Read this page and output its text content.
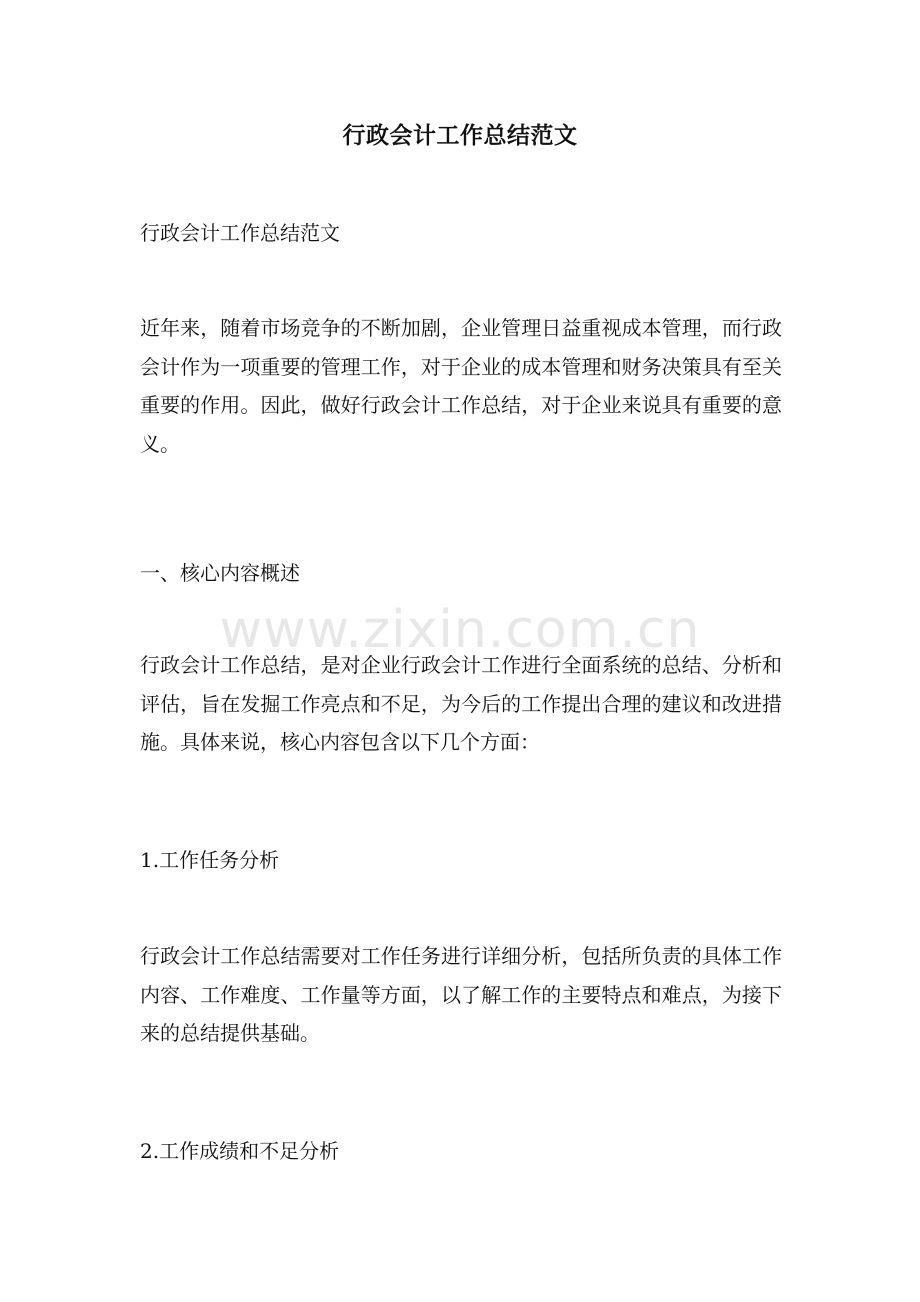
行政会计工作总结范文
行政会计工作总结范文
近年来，随着市场竞争的不断加剧，企业管理日益重视成本管理，而行政会计作为一项重要的管理工作，对于企业的成本管理和财务决策具有至关重要的作用。因此，做好行政会计工作总结，对于企业来说具有重要的意义。
一、核心内容概述
行政会计工作总结，是对企业行政会计工作进行全面系统的总结、分析和评估，旨在发掘工作亮点和不足，为今后的工作提出合理的建议和改进措施。具体来说，核心内容包含以下几个方面：
1.工作任务分析
行政会计工作总结需要对工作任务进行详细分析，包括所负责的具体工作内容、工作难度、工作量等方面，以了解工作的主要特点和难点，为接下来的总结提供基础。
2.工作成绩和不足分析
www.zixin.com.cn
